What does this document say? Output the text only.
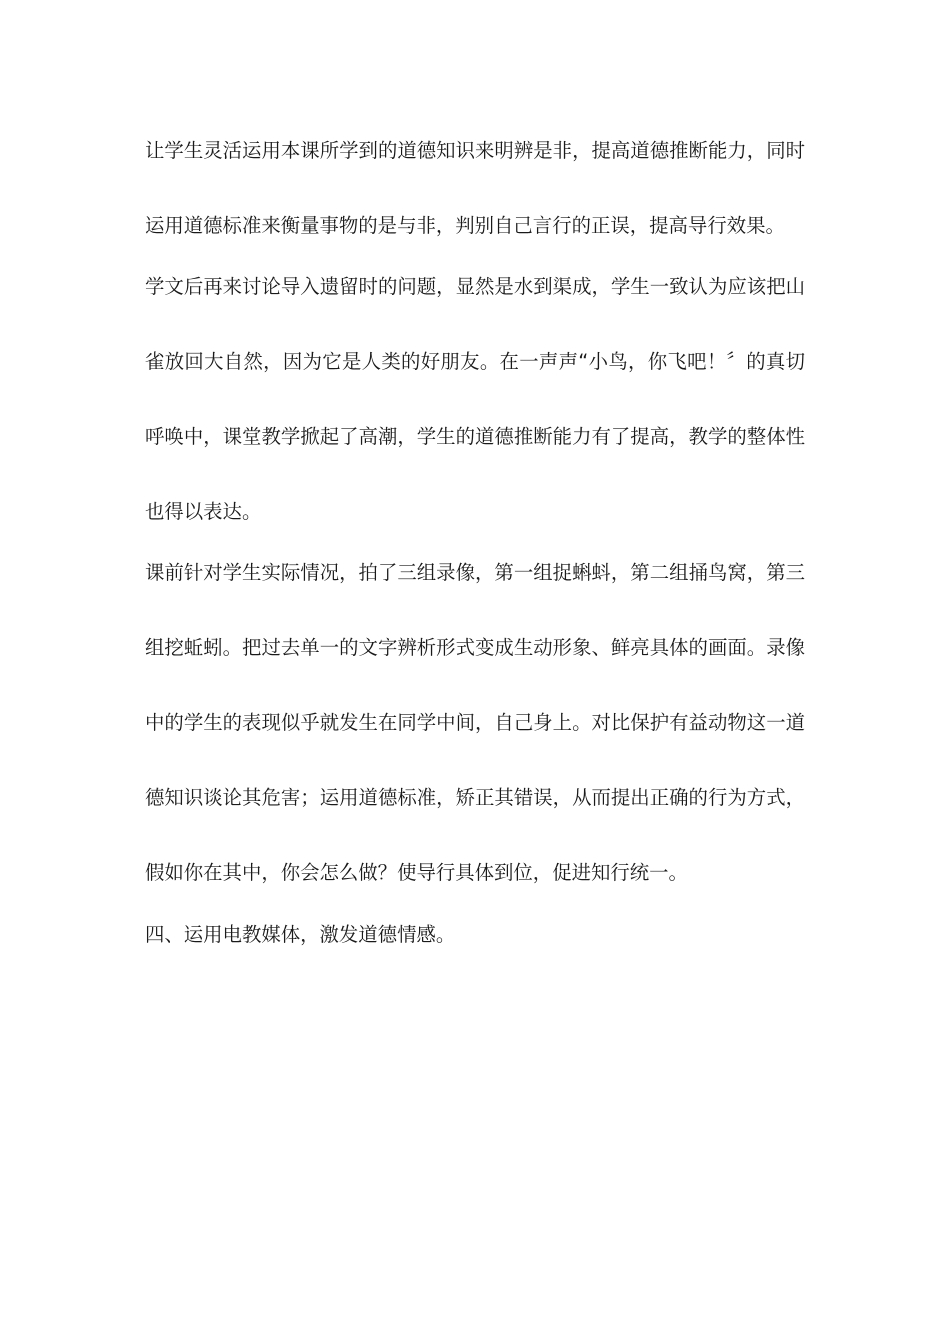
让学生灵活运用本课所学到的道德知识来明辨是非，提高道德推断能力，同时
运用道德标准来衡量事物的是与非，判别自己言行的正误，提高导行效果。
学文后再来讨论导入遗留时的问题，显然是水到渠成，学生一致认为应该把山
雀放回大自然，因为它是人类的好朋友。在一声声“小鸟，你飞吧！〞的真切
呼唤中，课堂教学掀起了高潮，学生的道德推断能力有了提高，教学的整体性
也得以表达。
课前针对学生实际情况，拍了三组录像，第一组捉蝌蚪，第二组捅鸟窝，第三
组挖蚯蚓。把过去单一的文字辨析形式变成生动形象、鲜亮具体的画面。录像
中的学生的表现似乎就发生在同学中间，自己身上。对比保护有益动物这一道
德知识谈论其危害；运用道德标准，矫正其错误，从而提出正确的行为方式，
假如你在其中，你会怎么做？使导行具体到位，促进知行统一。
四、运用电教媒体，激发道德情感。
